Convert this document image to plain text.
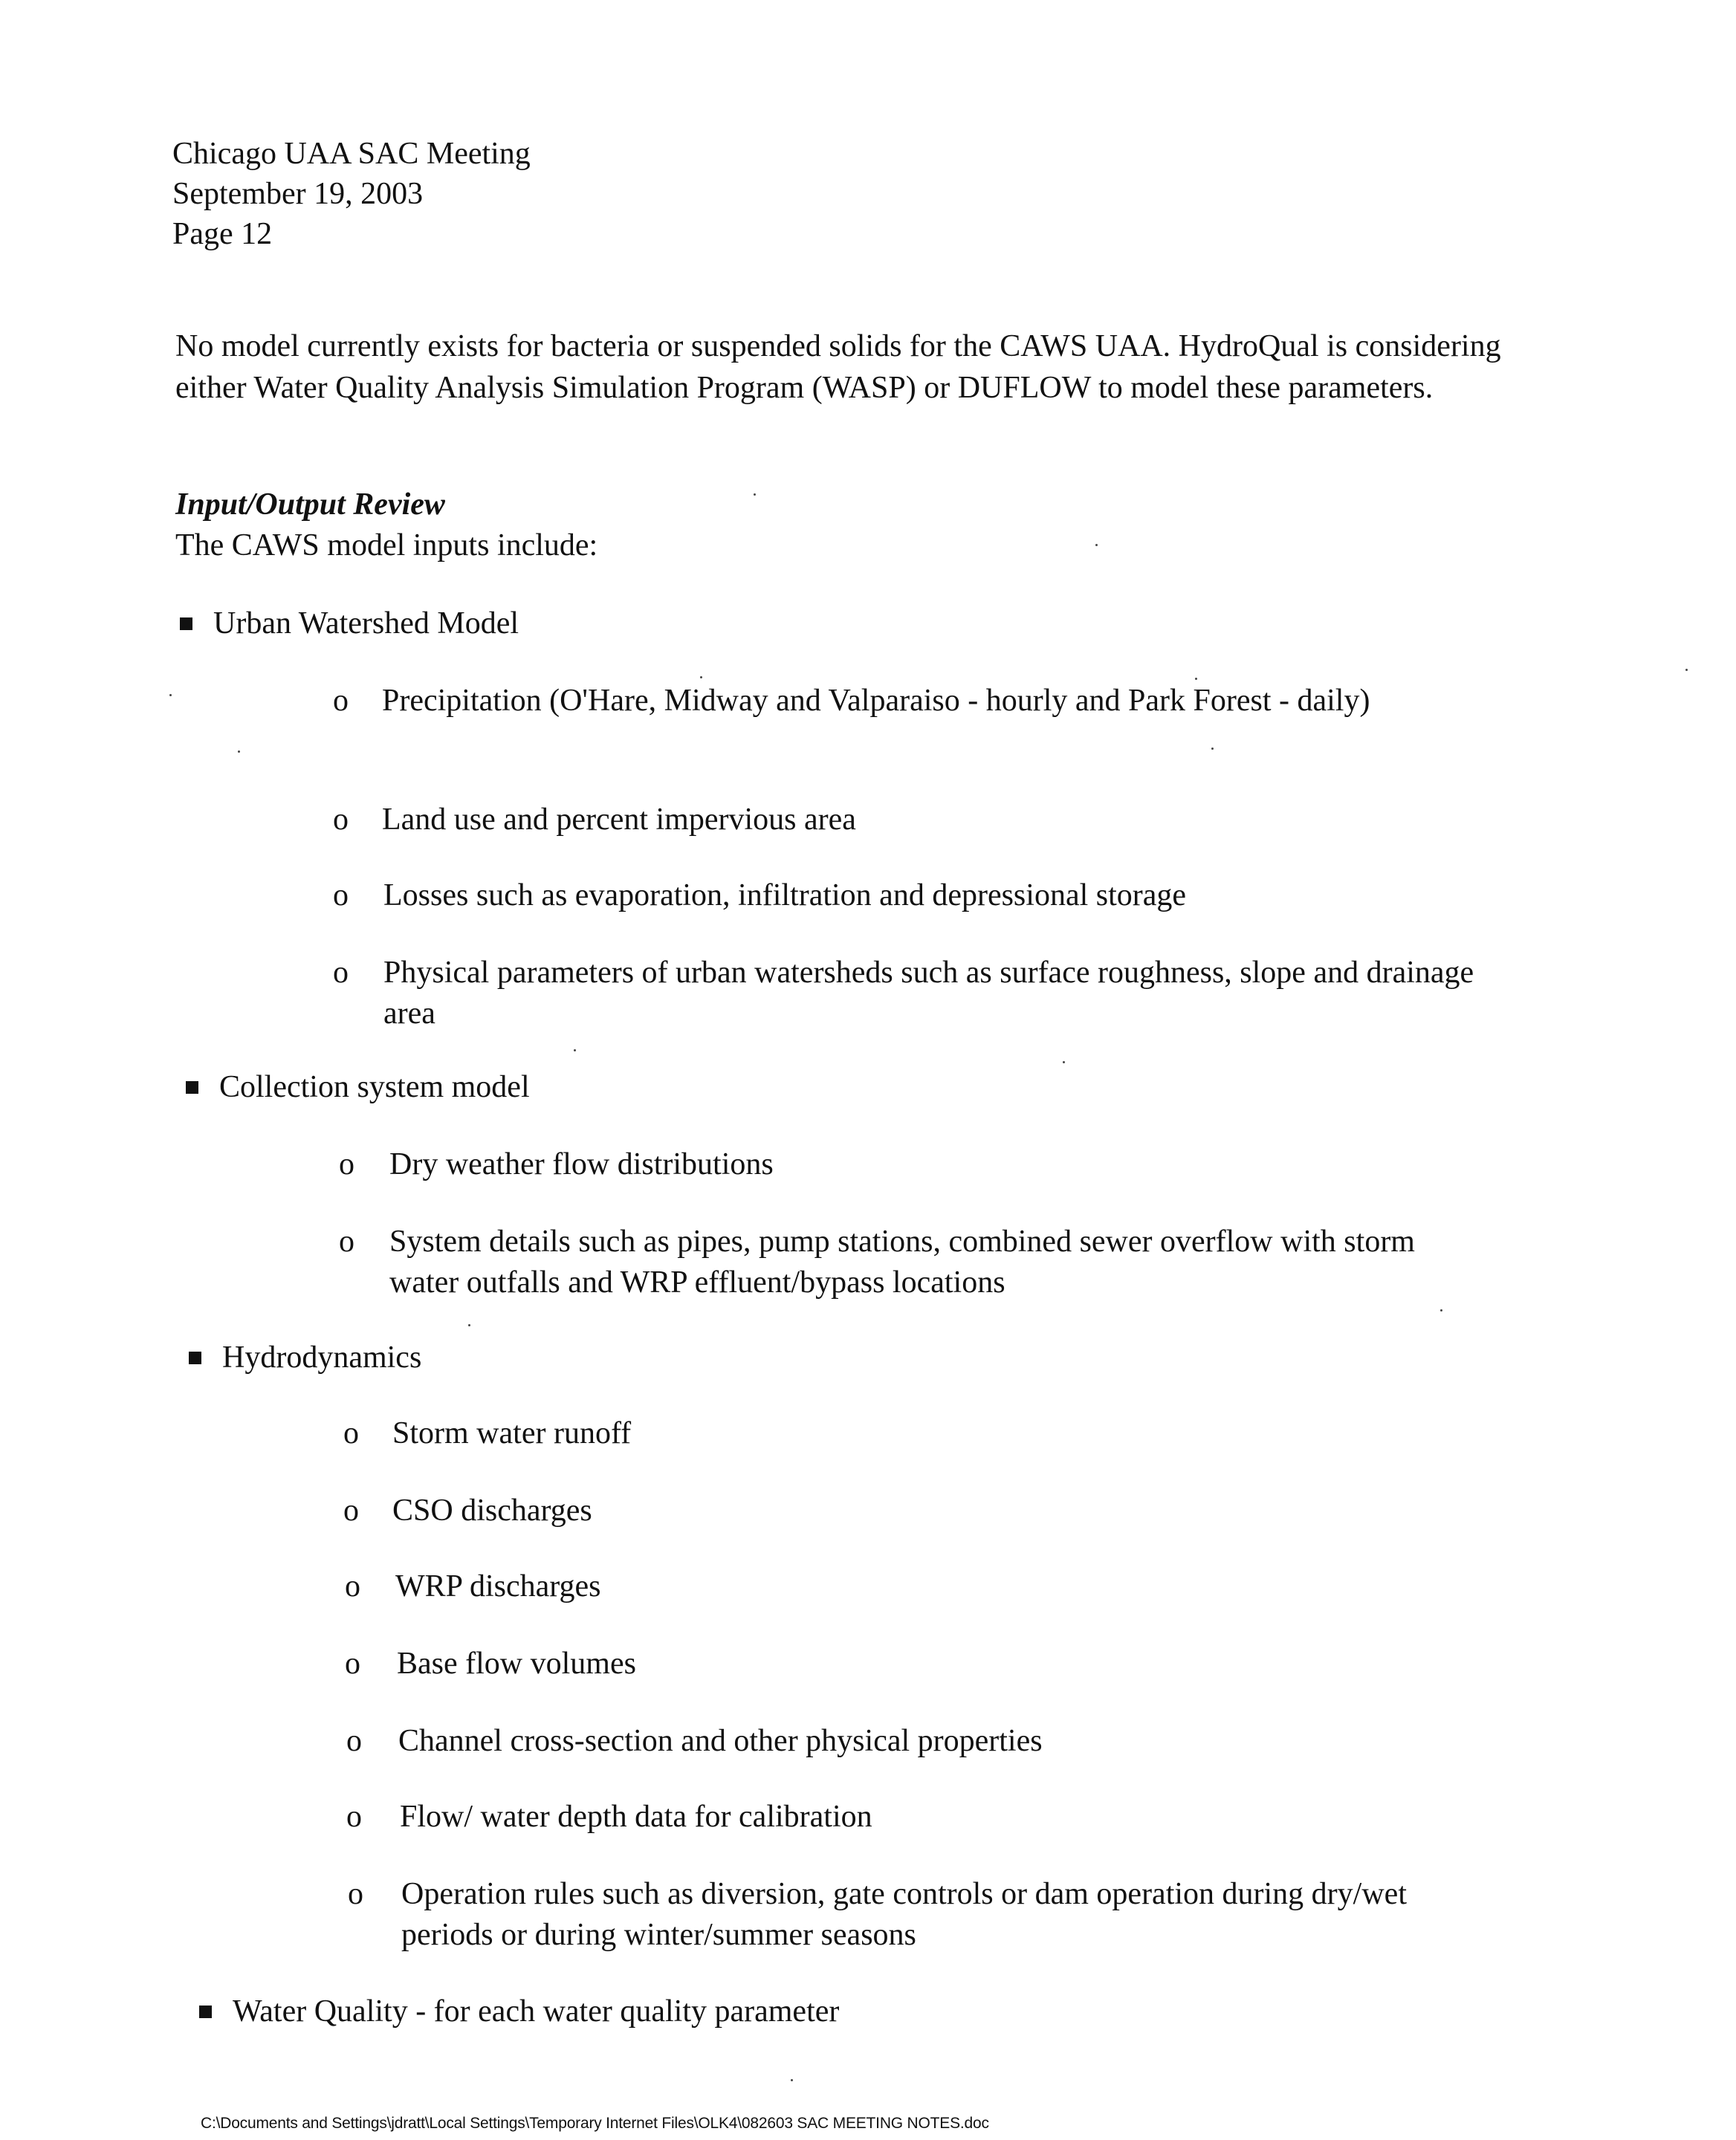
Chicago UAA SAC Meeting
September 19, 2003
Page 12
No model currently exists for bacteria or suspended solids for the CAWS UAA. HydroQual is considering either Water Quality Analysis Simulation Program (WASP) or DUFLOW to model these parameters.
Input/Output Review
The CAWS model inputs include:
Urban Watershed Model
o Precipitation (O'Hare, Midway and Valparaiso - hourly and Park Forest - daily)
o Land use and percent impervious area
o Losses such as evaporation, infiltration and depressional storage
o Physical parameters of urban watersheds such as surface roughness, slope and drainage area
Collection system model
o Dry weather flow distributions
o System details such as pipes, pump stations, combined sewer overflow with storm water outfalls and WRP effluent/bypass locations
Hydrodynamics
o Storm water runoff
o CSO discharges
o WRP discharges
o Base flow volumes
o Channel cross-section and other physical properties
o Flow/ water depth data for calibration
o Operation rules such as diversion, gate controls or dam operation during dry/wet periods or during winter/summer seasons
Water Quality - for each water quality parameter
C:\Documents and Settings\jdratt\Local Settings\Temporary Internet Files\OLK4\082603 SAC MEETING NOTES.doc
